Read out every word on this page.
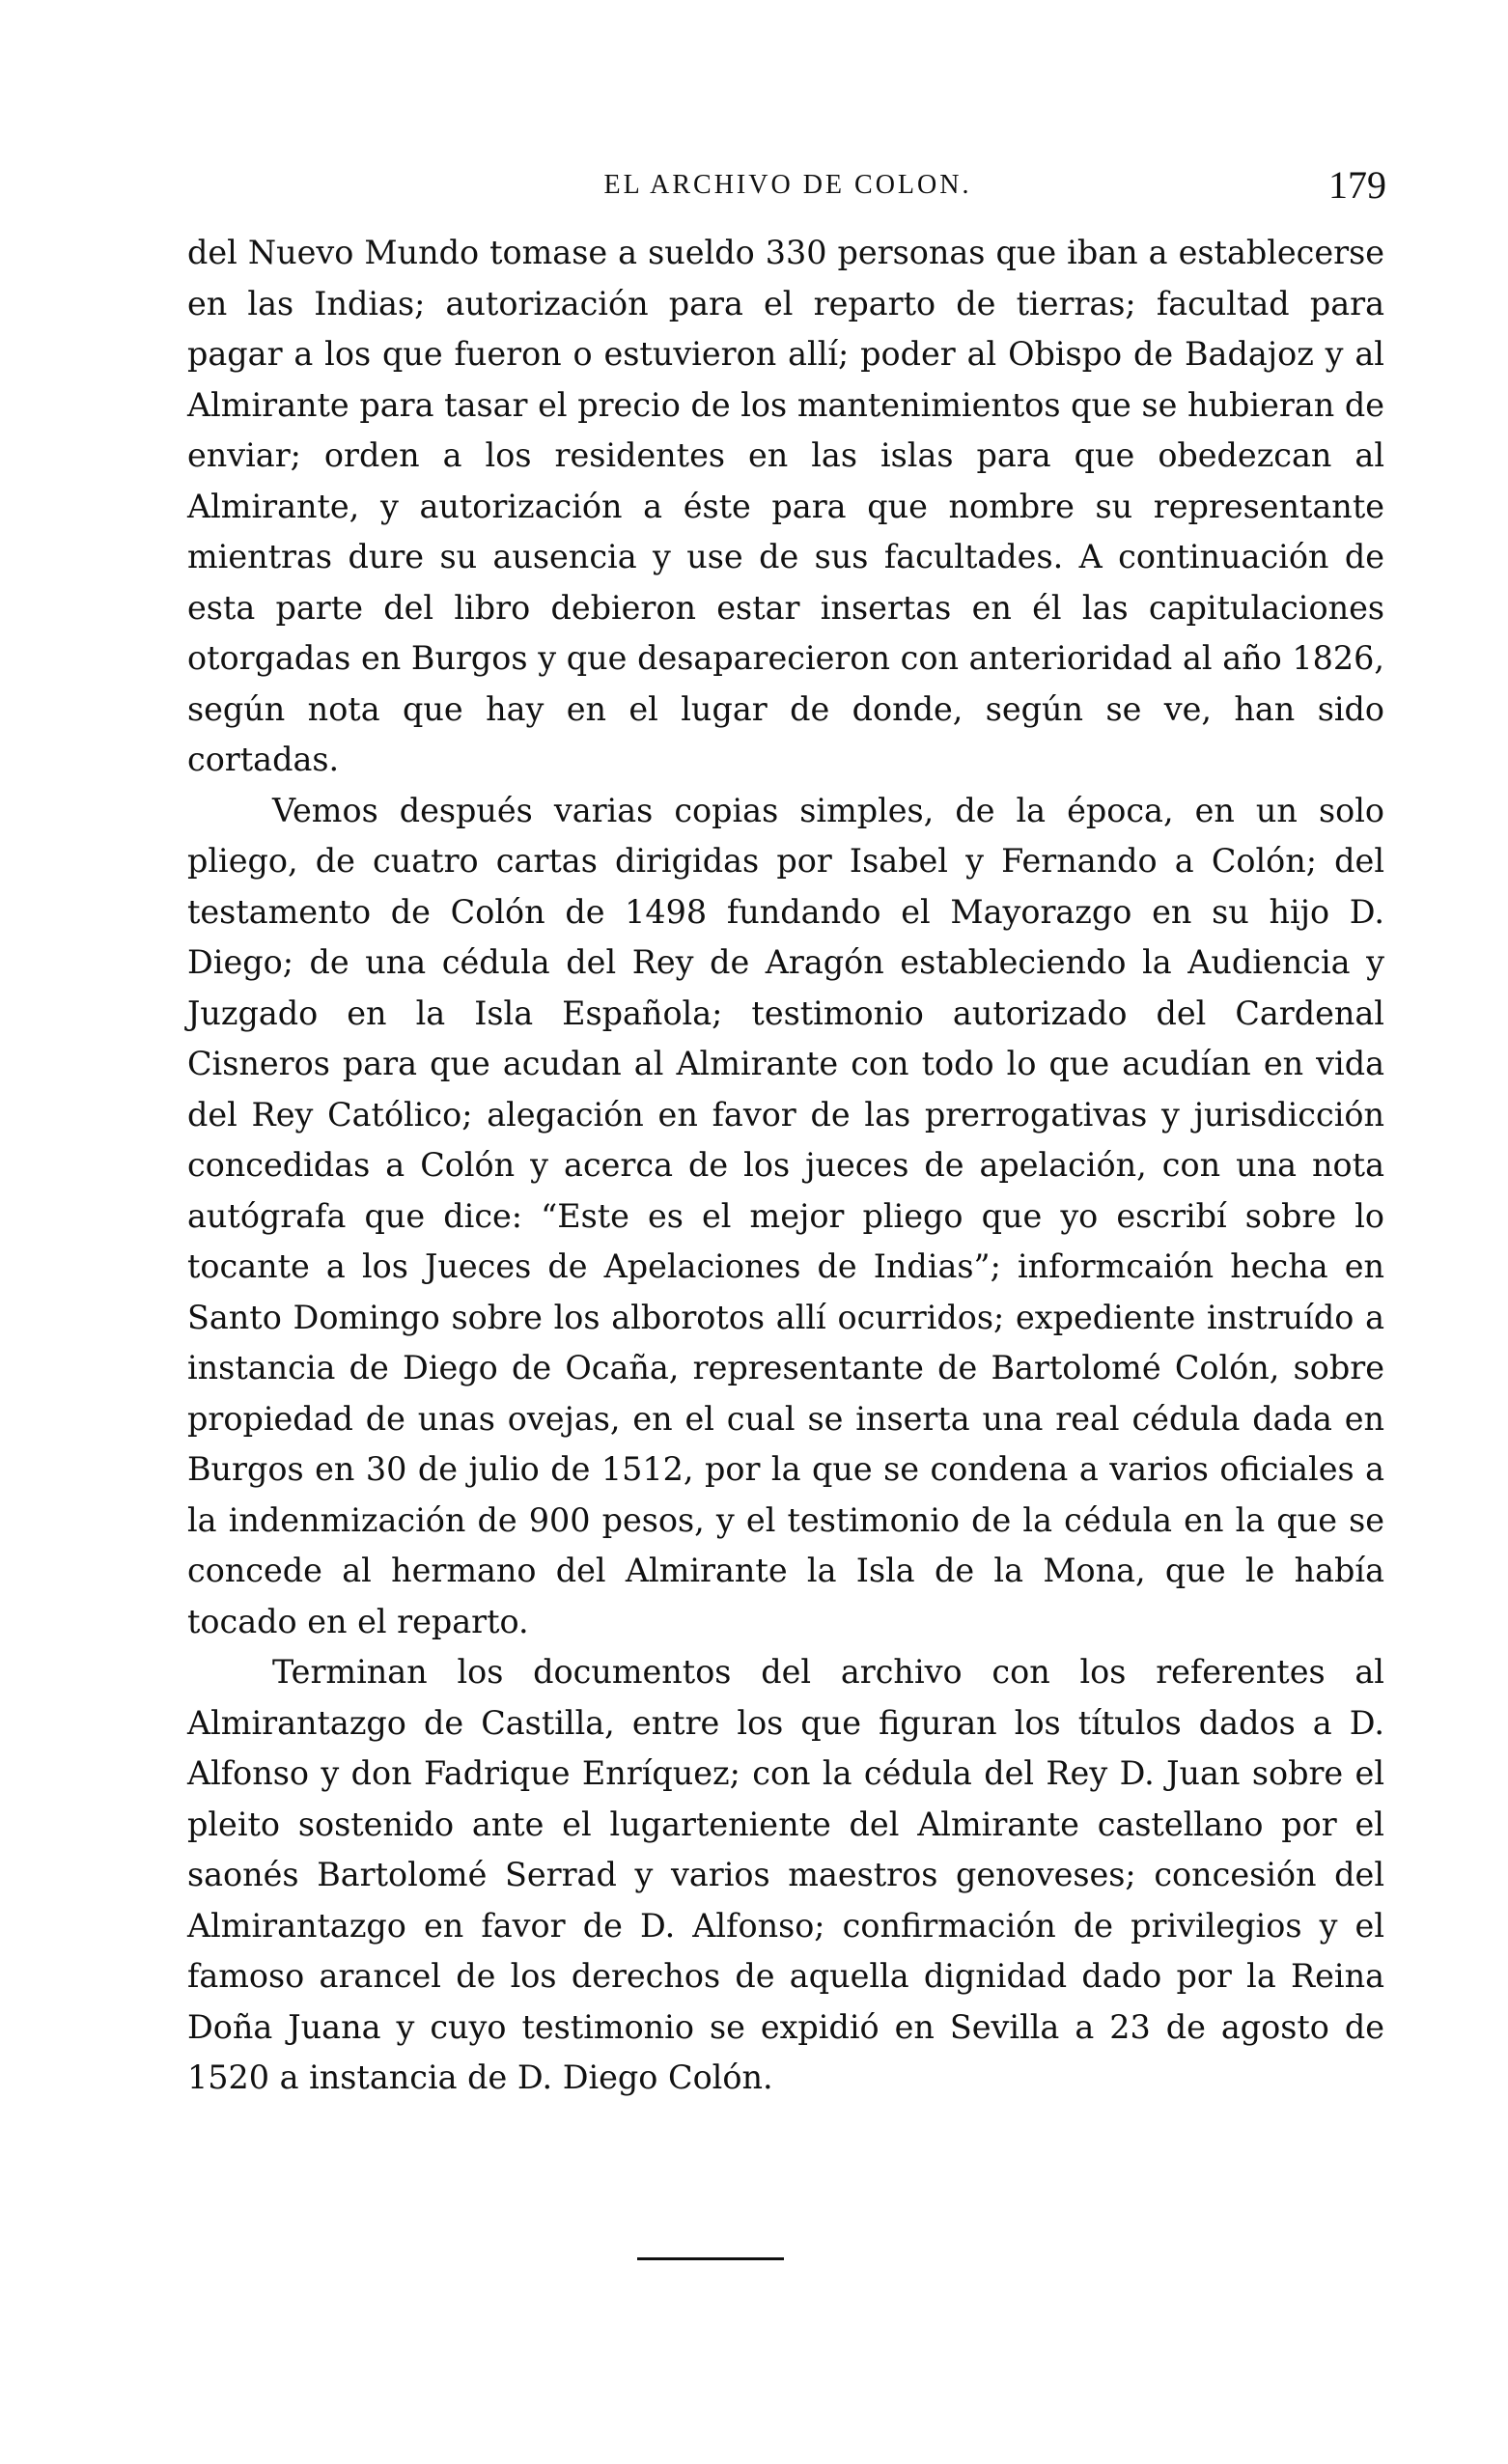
EL ARCHIVO DE COLON.	179

del Nuevo Mundo tomase a sueldo 330 personas que iban a establecerse en las Indias; autorización para el reparto de tierras; facultad para pagar a los que fueron o estuvieron allí; poder al Obispo de Badajoz y al Almirante para tasar el precio de los mantenimientos que se hubieran de enviar; orden a los residentes en las islas para que obedezcan al Almirante, y autorización a éste para que nombre su representante mientras dure su ausencia y use de sus facultades. A continuación de esta parte del libro debieron estar insertas en él las capitulaciones otorgadas en Burgos y que desaparecieron con anterioridad al año 1826, según nota que hay en el lugar de donde, según se ve, han sido cortadas.

Vemos después varias copias simples, de la época, en un solo pliego, de cuatro cartas dirigidas por Isabel y Fernando a Colón; del testamento de Colón de 1498 fundando el Mayorazgo en su hijo D. Diego; de una cédula del Rey de Aragón estableciendo la Audiencia y Juzgado en la Isla Española; testimonio autorizado del Cardenal Cisneros para que acudan al Almirante con todo lo que acudían en vida del Rey Católico; alegación en favor de las prerrogativas y jurisdicción concedidas a Colón y acerca de los jueces de apelación, con una nota autógrafa que dice: “Este es el mejor pliego que yo escribí sobre lo tocante a los Jueces de Apelaciones de Indias”; informcaión hecha en Santo Domingo sobre los alborotos allí ocurridos; expediente instruído a instancia de Diego de Ocaña, representante de Bartolomé Colón, sobre propiedad de unas ovejas, en el cual se inserta una real cédula dada en Burgos en 30 de julio de 1512, por la que se condena a varios oficiales a la indenmización de 900 pesos, y el testimonio de la cédula en la que se concede al hermano del Almirante la Isla de la Mona, que le había tocado en el reparto.

Terminan los documentos del archivo con los referentes al Almirantazgo de Castilla, entre los que figuran los títulos dados a D. Alfonso y don Fadrique Enríquez; con la cédula del Rey D. Juan sobre el pleito sostenido ante el lugarteniente del Almirante castellano por el saonés Bartolomé Serrad y varios maestros genoveses; concesión del Almirantazgo en favor de D. Alfonso; confirmación de privilegios y el famoso arancel de los derechos de aquella dignidad dado por la Reina Doña Juana y cuyo testimonio se expidió en Sevilla a 23 de agosto de 1520 a instancia de D. Diego Colón.
